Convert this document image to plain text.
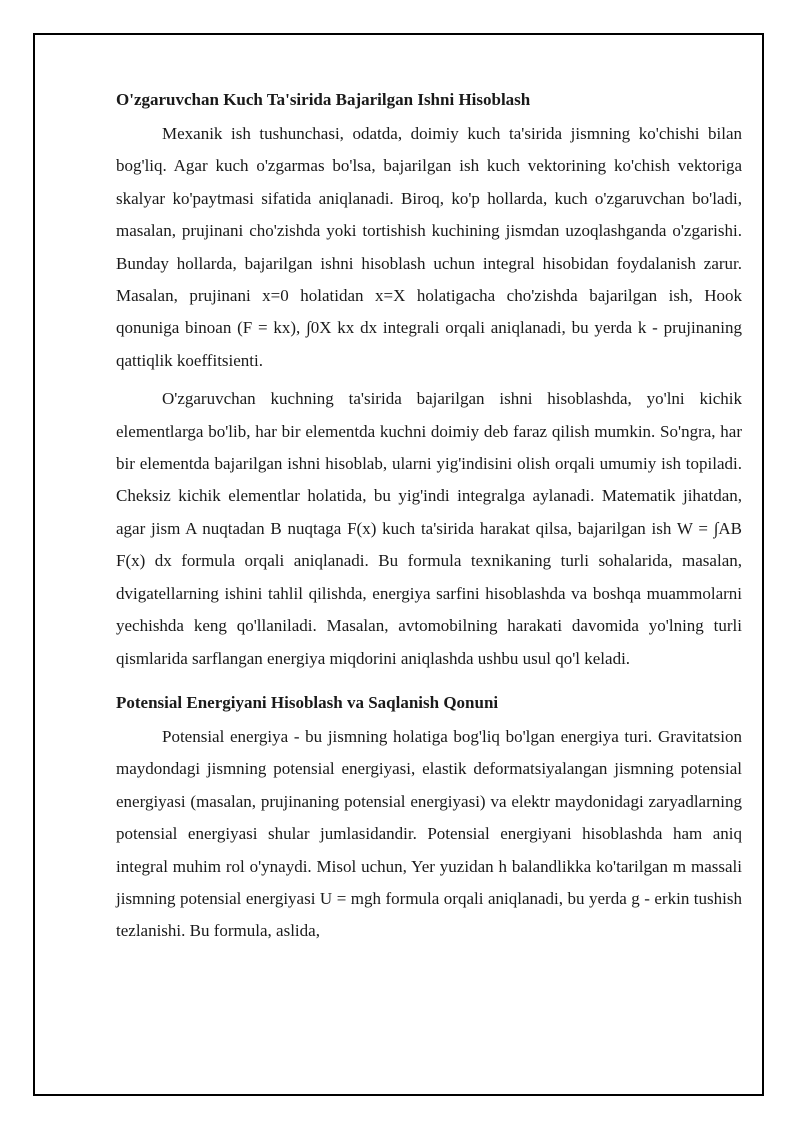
O'zgaruvchan Kuch Ta'sirida Bajarilgan Ishni Hisoblash

Mexanik ish tushunchasi, odatda, doimiy kuch ta'sirida jismning ko'chishi bilan bog'liq. Agar kuch o'zgarmas bo'lsa, bajarilgan ish kuch vektorining ko'chish vektoriga skalyar ko'paytmasi sifatida aniqlanadi. Biroq, ko'p hollarda, kuch o'zgaruvchan bo'ladi, masalan, prujinani cho'zishda yoki tortishish kuchining jismdan uzoqlashganda o'zgarishi. Bunday hollarda, bajarilgan ishni hisoblash uchun integral hisobidan foydalanish zarur. Masalan, prujinani x=0 holatidan x=X holatigacha cho'zishda bajarilgan ish, Hook qonuniga binoan (F = kx), ∫0X kx dx integrali orqali aniqlanadi, bu yerda k - prujinaning qattiqlik koeffitsienti.

O'zgaruvchan kuchning ta'sirida bajarilgan ishni hisoblashda, yo'lni kichik elementlarga bo'lib, har bir elementda kuchni doimiy deb faraz qilish mumkin. So'ngra, har bir elementda bajarilgan ishni hisoblab, ularni yig'indisini olish orqali umumiy ish topiladi. Cheksiz kichik elementlar holatida, bu yig'indi integralga aylanadi. Matematik jihatdan, agar jism A nuqtadan B nuqtaga F(x) kuch ta'sirida harakat qilsa, bajarilgan ish W = ∫AB F(x) dx formula orqali aniqlanadi. Bu formula texnikaning turli sohalarida, masalan, dvigatellarning ishini tahlil qilishda, energiya sarfini hisoblashda va boshqa muammolarni yechishda keng qo'llaniladi. Masalan, avtomobilning harakati davomida yo'lning turli qismlarida sarflangan energiya miqdorini aniqlashda ushbu usul qo'l keladi.

Potensial Energiyani Hisoblash va Saqlanish Qonuni

Potensial energiya - bu jismning holatiga bog'liq bo'lgan energiya turi. Gravitatsion maydondagi jismning potensial energiyasi, elastik deformatsiyalangan jismning potensial energiyasi (masalan, prujinaning potensial energiyasi) va elektr maydonidagi zaryadlarning potensial energiyasi shular jumlasidandir. Potensial energiyani hisoblashda ham aniq integral muhim rol o'ynaydi. Misol uchun, Yer yuzidan h balandlikka ko'tarilgan m massali jismning potensial energiyasi U = mgh formula orqali aniqlanadi, bu yerda g - erkin tushish tezlanishi. Bu formula, aslida,
